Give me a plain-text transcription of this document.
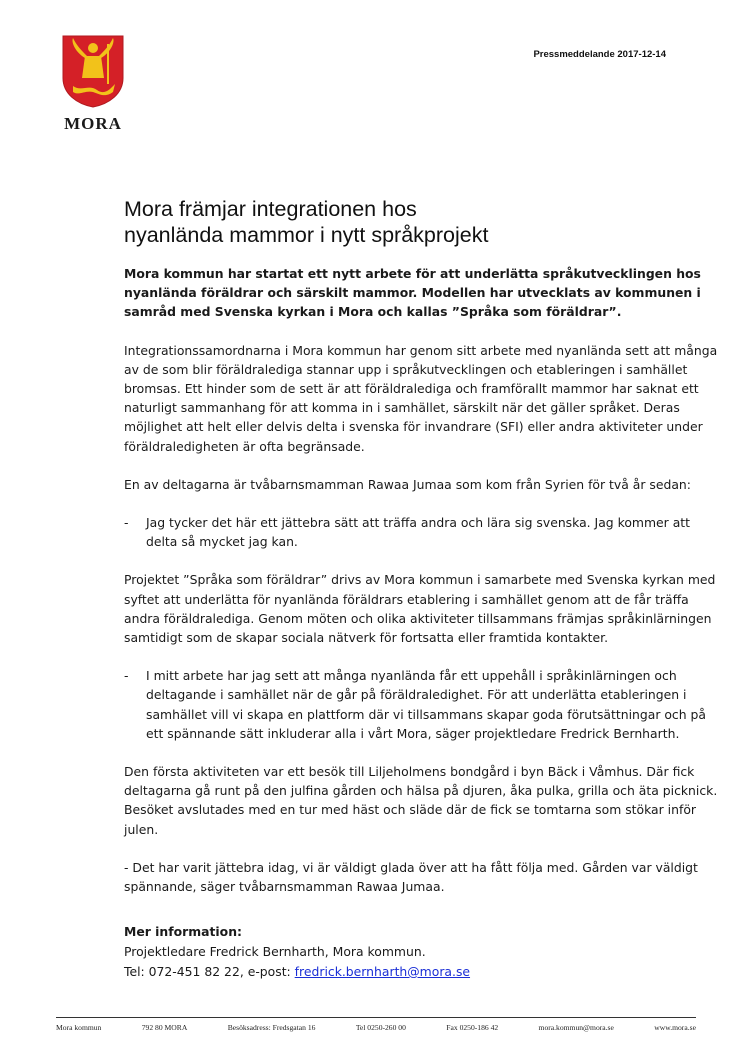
MORA
Pressmeddelande 2017-12-14
Mora främjar integrationen hos
nyanlända mammor i nytt språkprojekt

Mora kommun har startat ett nytt arbete för att underlätta språkutvecklingen hos nyanlända föräldrar och särskilt mammor. Modellen har utvecklats av kommunen i samråd med Svenska kyrkan i Mora och kallas ”Språka som föräldrar”.

Integrationssamordnarna i Mora kommun har genom sitt arbete med nyanlända sett att många av de som blir föräldralediga stannar upp i språkutvecklingen och etableringen i samhället bromsas. Ett hinder som de sett är att föräldralediga och framförallt mammor har saknat ett naturligt sammanhang för att komma in i samhället, särskilt när det gäller språket. Deras möjlighet att helt eller delvis delta i svenska för invandrare (SFI) eller andra aktiviteter under föräldraledigheten är ofta begränsade.

En av deltagarna är tvåbarnsmamman Rawaa Jumaa som kom från Syrien för två år sedan:

- Jag tycker det här ett jättebra sätt att träffa andra och lära sig svenska. Jag kommer att delta så mycket jag kan.

Projektet ”Språka som föräldrar” drivs av Mora kommun i samarbete med Svenska kyrkan med syftet att underlätta för nyanlända föräldrars etablering i samhället genom att de får träffa andra föräldralediga. Genom möten och olika aktiviteter tillsammans främjas språkinlärningen samtidigt som de skapar sociala nätverk för fortsatta eller framtida kontakter.

- I mitt arbete har jag sett att många nyanlända får ett uppehåll i språkinlärningen och deltagande i samhället när de går på föräldraledighet. För att underlätta etableringen i samhället vill vi skapa en plattform där vi tillsammans skapar goda förutsättningar och på ett spännande sätt inkluderar alla i vårt Mora, säger projektledare Fredrick Bernharth.

Den första aktiviteten var ett besök till Liljeholmens bondgård i byn Bäck i Våmhus. Där fick deltagarna gå runt på den julfina gården och hälsa på djuren, åka pulka, grilla och äta picknick. Besöket avslutades med en tur med häst och släde där de fick se tomtarna som stökar inför julen.

- Det har varit jättebra idag, vi är väldigt glada över att ha fått följa med. Gården var väldigt spännande, säger tvåbarnsmamman Rawaa Jumaa.

Mer information:
Projektledare Fredrick Bernharth, Mora kommun.
Tel: 072-451 82 22, e-post: fredrick.bernharth@mora.se
Mora kommun	792 80 MORA	Besöksadress: Fredsgatan 16	Tel 0250-260 00	Fax 0250-186 42	mora.kommun@mora.se	www.mora.se
